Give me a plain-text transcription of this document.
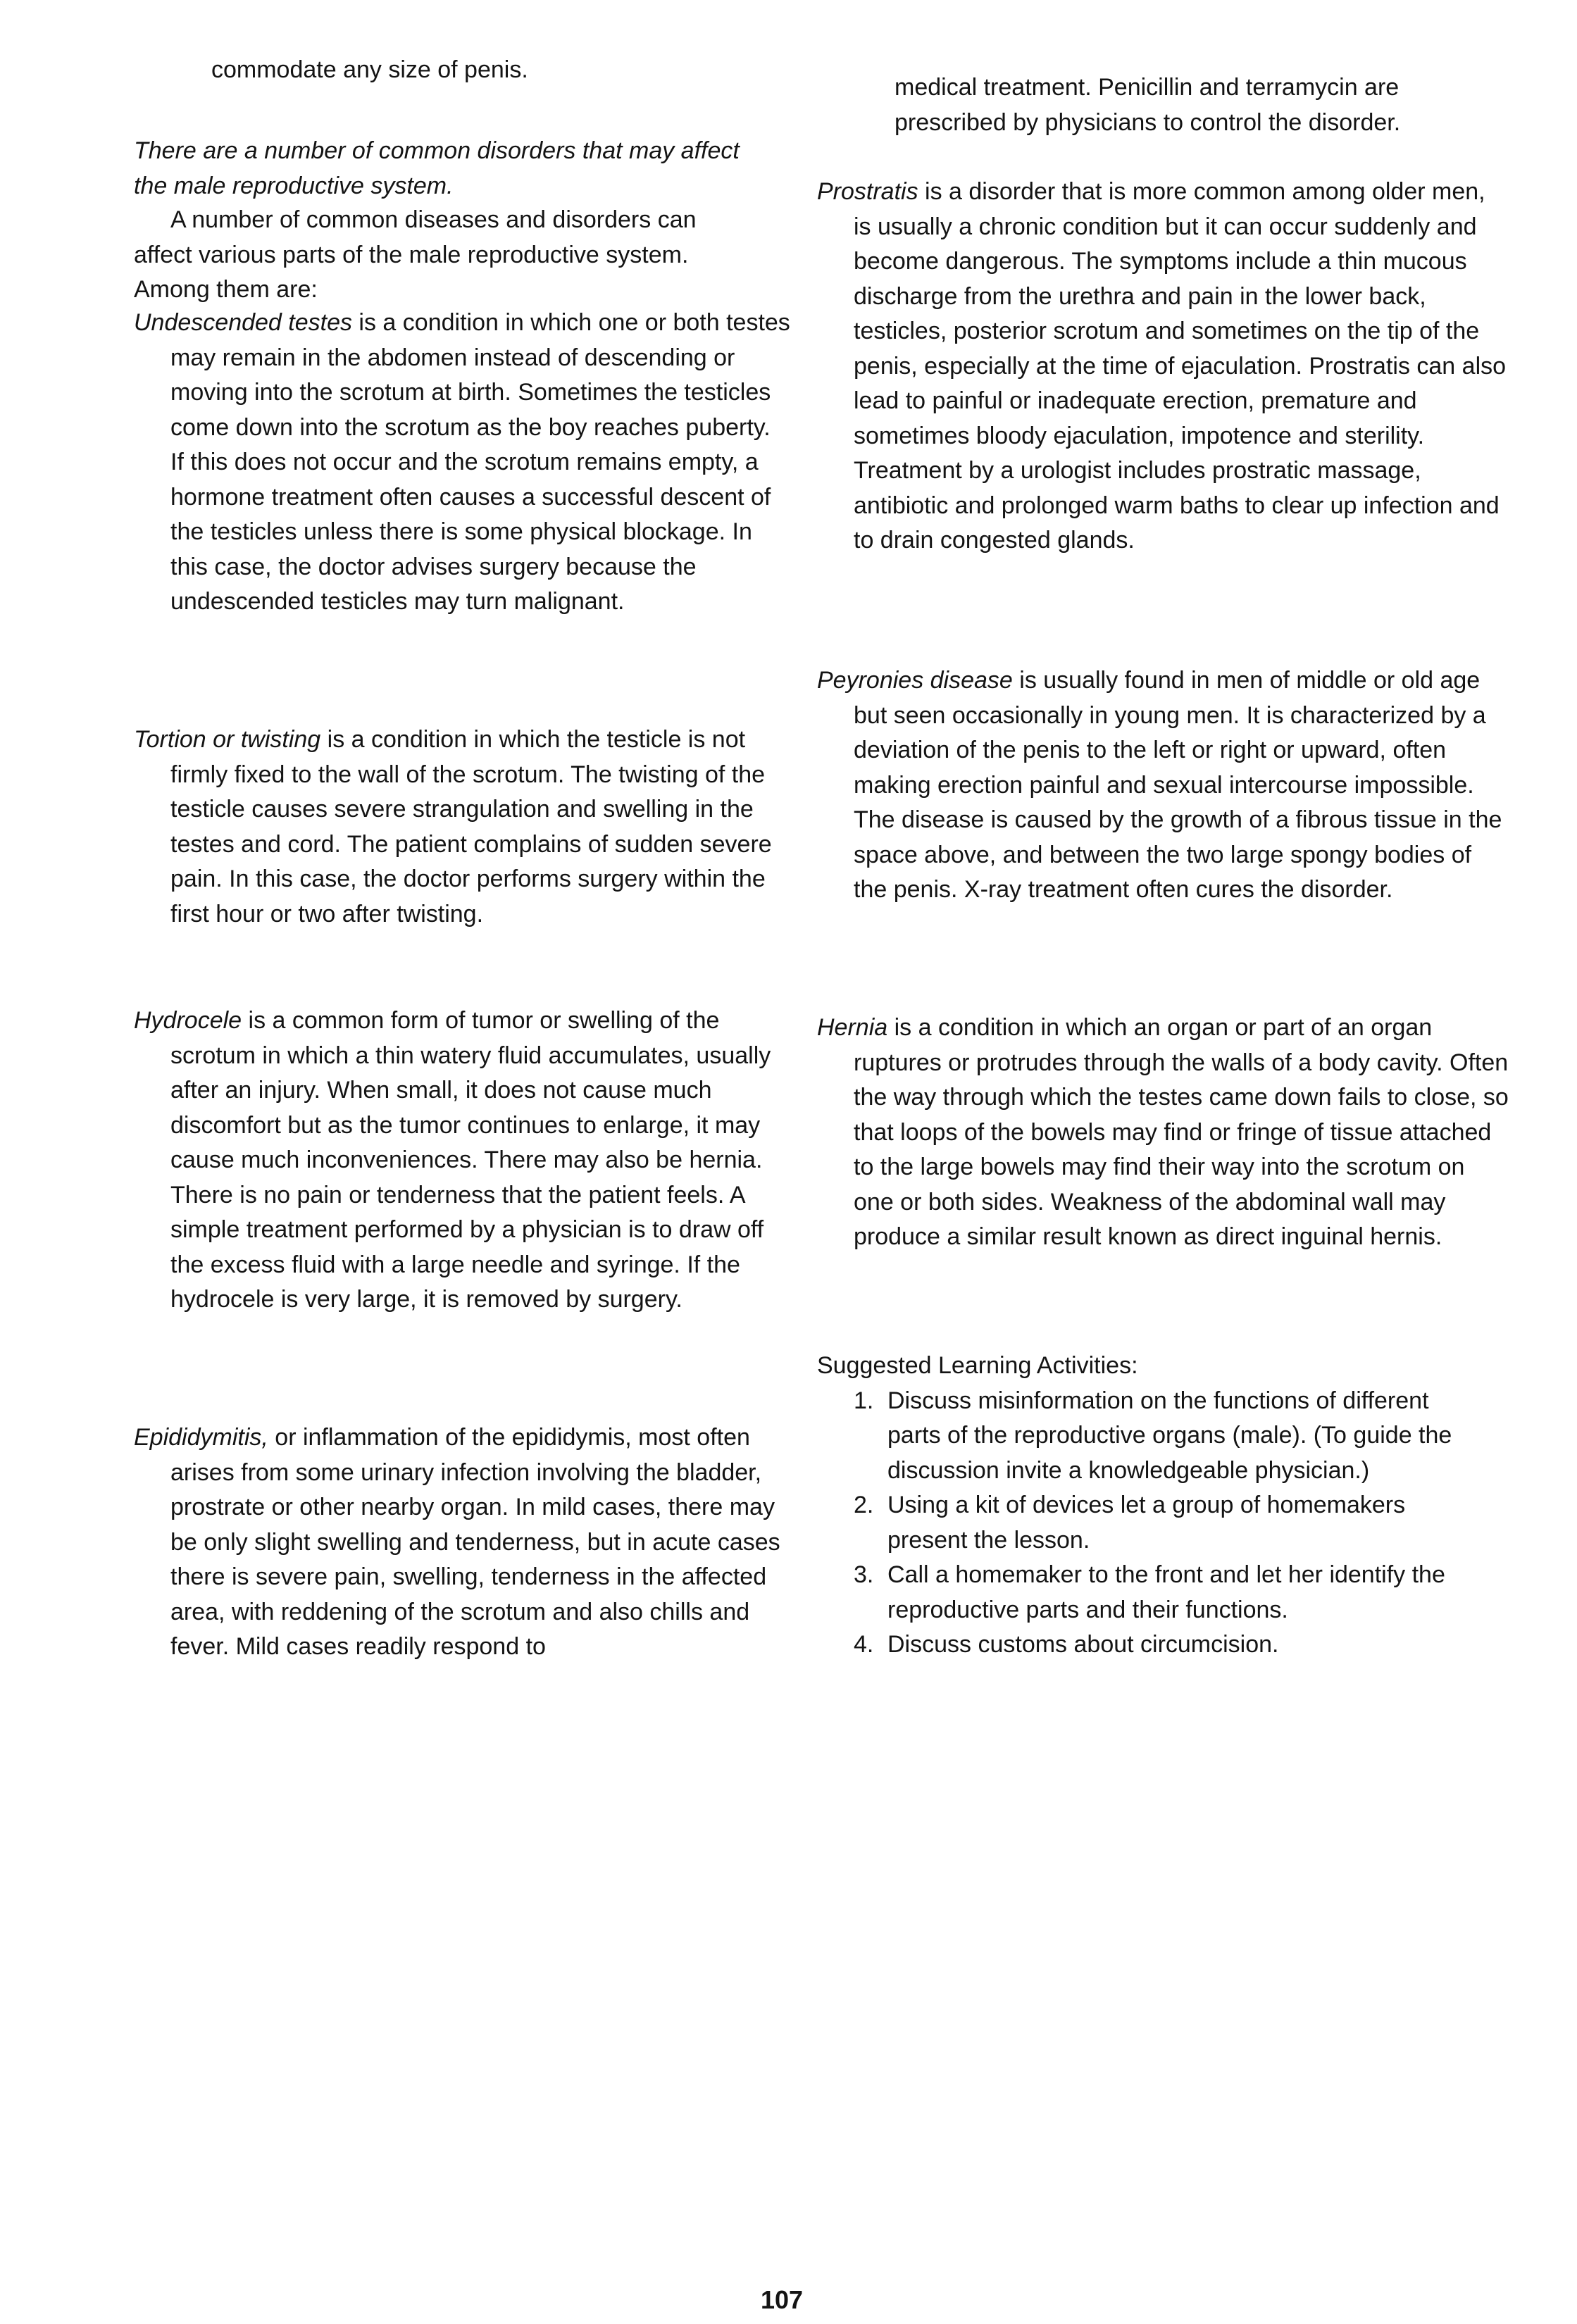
commodate any size of penis.

There are a number of common disorders that may affect the male reproductive system.

A number of common diseases and disorders can affect various parts of the male reproductive system. Among them are:

Undescended testes is a condition in which one or both testes may remain in the abdomen instead of descending or moving into the scrotum at birth. Sometimes the testicles come down into the scrotum as the boy reaches puberty. If this does not occur and the scrotum remains empty, a hormone treatment often causes a successful descent of the testicles unless there is some physical blockage. In this case, the doctor advises surgery because the undescended testicles may turn malignant.

Tortion or twisting is a condition in which the testicle is not firmly fixed to the wall of the scrotum. The twisting of the testicle causes severe strangulation and swelling in the testes and cord. The patient complains of sudden severe pain. In this case, the doctor performs surgery within the first hour or two after twisting.

Hydrocele is a common form of tumor or swelling of the scrotum in which a thin watery fluid accumulates, usually after an injury. When small, it does not cause much discomfort but as the tumor continues to enlarge, it may cause much inconveniences. There may also be hernia. There is no pain or tenderness that the patient feels. A simple treatment performed by a physician is to draw off the excess fluid with a large needle and syringe. If the hydrocele is very large, it is removed by surgery.

Epididymitis, or inflammation of the epididymis, most often arises from some urinary infection involving the bladder, prostrate or other nearby organ. In mild cases, there may be only slight swelling and tenderness, but in acute cases there is severe pain, swelling, tenderness in the affected area, with reddening of the scrotum and also chills and fever. Mild cases readily respond to

medical treatment. Penicillin and terramycin are prescribed by physicians to control the disorder.

Prostratis is a disorder that is more common among older men, is usually a chronic condition but it can occur suddenly and become dangerous. The symptoms include a thin mucous discharge from the urethra and pain in the lower back, testicles, posterior scrotum and sometimes on the tip of the penis, especially at the time of ejaculation. Prostratis can also lead to painful or inadequate erection, premature and sometimes bloody ejaculation, impotence and sterility. Treatment by a urologist includes prostratic massage, antibiotic and prolonged warm baths to clear up infection and to drain congested glands.

Peyronies disease is usually found in men of middle or old age but seen occasionally in young men. It is characterized by a deviation of the penis to the left or right or upward, often making erection painful and sexual intercourse impossible. The disease is caused by the growth of a fibrous tissue in the space above, and between the two large spongy bodies of the penis. X-ray treatment often cures the disorder.

Hernia is a condition in which an organ or part of an organ ruptures or protrudes through the walls of a body cavity. Often the way through which the testes came down fails to close, so that loops of the bowels may find or fringe of tissue attached to the large bowels may find their way into the scrotum on one or both sides. Weakness of the abdominal wall may produce a similar result known as direct inguinal hernis.

Suggested Learning Activities:

1. Discuss misinformation on the functions of different parts of the reproductive organs (male). (To guide the discussion invite a knowledgeable physician.)
2. Using a kit of devices let a group of homemakers present the lesson.
3. Call a homemaker to the front and let her identify the reproductive parts and their functions.
4. Discuss customs about circumcision.
107
